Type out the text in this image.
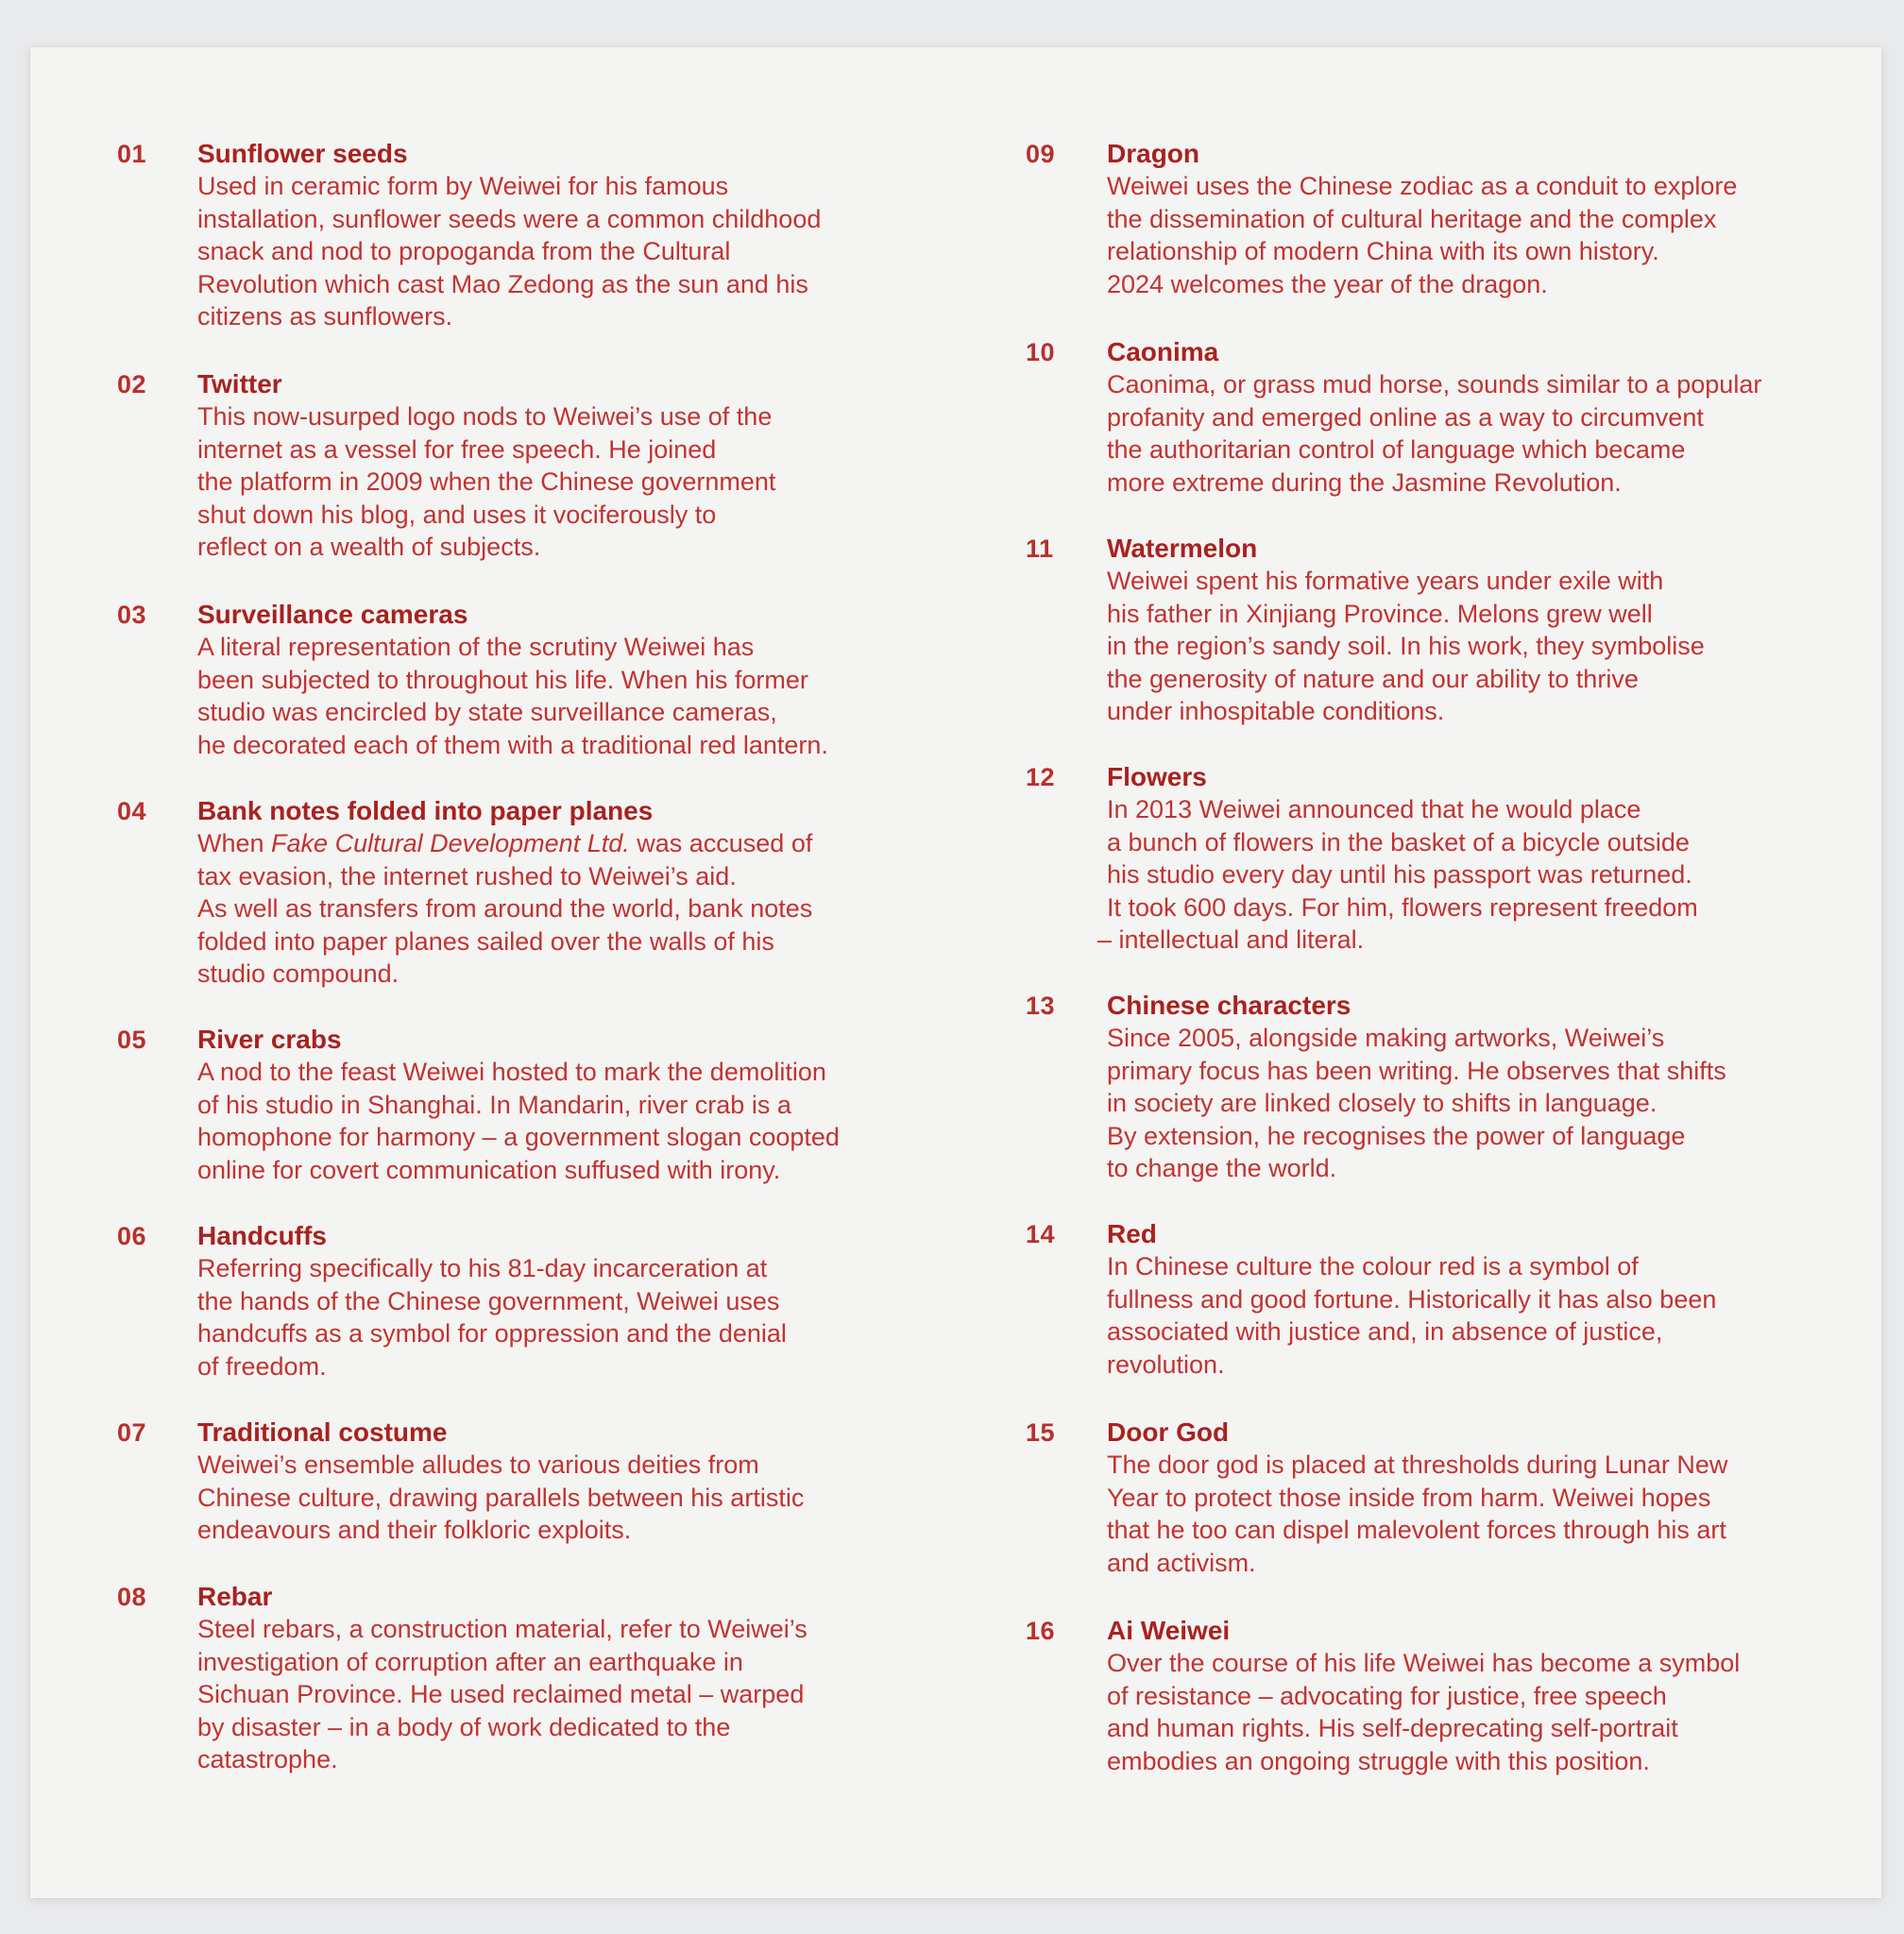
01 Sunflower seeds
Used in ceramic form by Weiwei for his famous
installation, sunflower seeds were a common childhood
snack and nod to propoganda from the Cultural
Revolution which cast Mao Zedong as the sun and his
citizens as sunflowers.
02 Twitter
This now-usurped logo nods to Weiwei’s use of the
internet as a vessel for free speech. He joined
the platform in 2009 when the Chinese government
shut down his blog, and uses it vociferously to
reflect on a wealth of subjects.
03 Surveillance cameras
A literal representation of the scrutiny Weiwei has
been subjected to throughout his life. When his former
studio was encircled by state surveillance cameras,
he decorated each of them with a traditional red lantern.
04 Bank notes folded into paper planes
When Fake Cultural Development Ltd. was accused of
tax evasion, the internet rushed to Weiwei’s aid.
As well as transfers from around the world, bank notes
folded into paper planes sailed over the walls of his
studio compound.
05 River crabs
A nod to the feast Weiwei hosted to mark the demolition
of his studio in Shanghai. In Mandarin, river crab is a
homophone for harmony – a government slogan coopted
online for covert communication suffused with irony.
06 Handcuffs
Referring specifically to his 81-day incarceration at
the hands of the Chinese government, Weiwei uses
handcuffs as a symbol for oppression and the denial
of freedom.
07 Traditional costume
Weiwei’s ensemble alludes to various deities from
Chinese culture, drawing parallels between his artistic
endeavours and their folkloric exploits.
08 Rebar
Steel rebars, a construction material, refer to Weiwei’s
investigation of corruption after an earthquake in
Sichuan Province. He used reclaimed metal – warped
by disaster – in a body of work dedicated to the
catastrophe.
09 Dragon
Weiwei uses the Chinese zodiac as a conduit to explore
the dissemination of cultural heritage and the complex
relationship of modern China with its own history.
2024 welcomes the year of the dragon.
10 Caonima
Caonima, or grass mud horse, sounds similar to a popular
profanity and emerged online as a way to circumvent
the authoritarian control of language which became
more extreme during the Jasmine Revolution.
11 Watermelon
Weiwei spent his formative years under exile with
his father in Xinjiang Province. Melons grew well
in the region’s sandy soil. In his work, they symbolise
the generosity of nature and our ability to thrive
under inhospitable conditions.
12 Flowers
In 2013 Weiwei announced that he would place
a bunch of flowers in the basket of a bicycle outside
his studio every day until his passport was returned.
It took 600 days. For him, flowers represent freedom
– intellectual and literal.
13 Chinese characters
Since 2005, alongside making artworks, Weiwei’s
primary focus has been writing. He observes that shifts
in society are linked closely to shifts in language.
By extension, he recognises the power of language
to change the world.
14 Red
In Chinese culture the colour red is a symbol of
fullness and good fortune. Historically it has also been
associated with justice and, in absence of justice,
revolution.
15 Door God
The door god is placed at thresholds during Lunar New
Year to protect those inside from harm. Weiwei hopes
that he too can dispel malevolent forces through his art
and activism.
16 Ai Weiwei
Over the course of his life Weiwei has become a symbol
of resistance – advocating for justice, free speech
and human rights. His self-deprecating self-portrait
embodies an ongoing struggle with this position.
